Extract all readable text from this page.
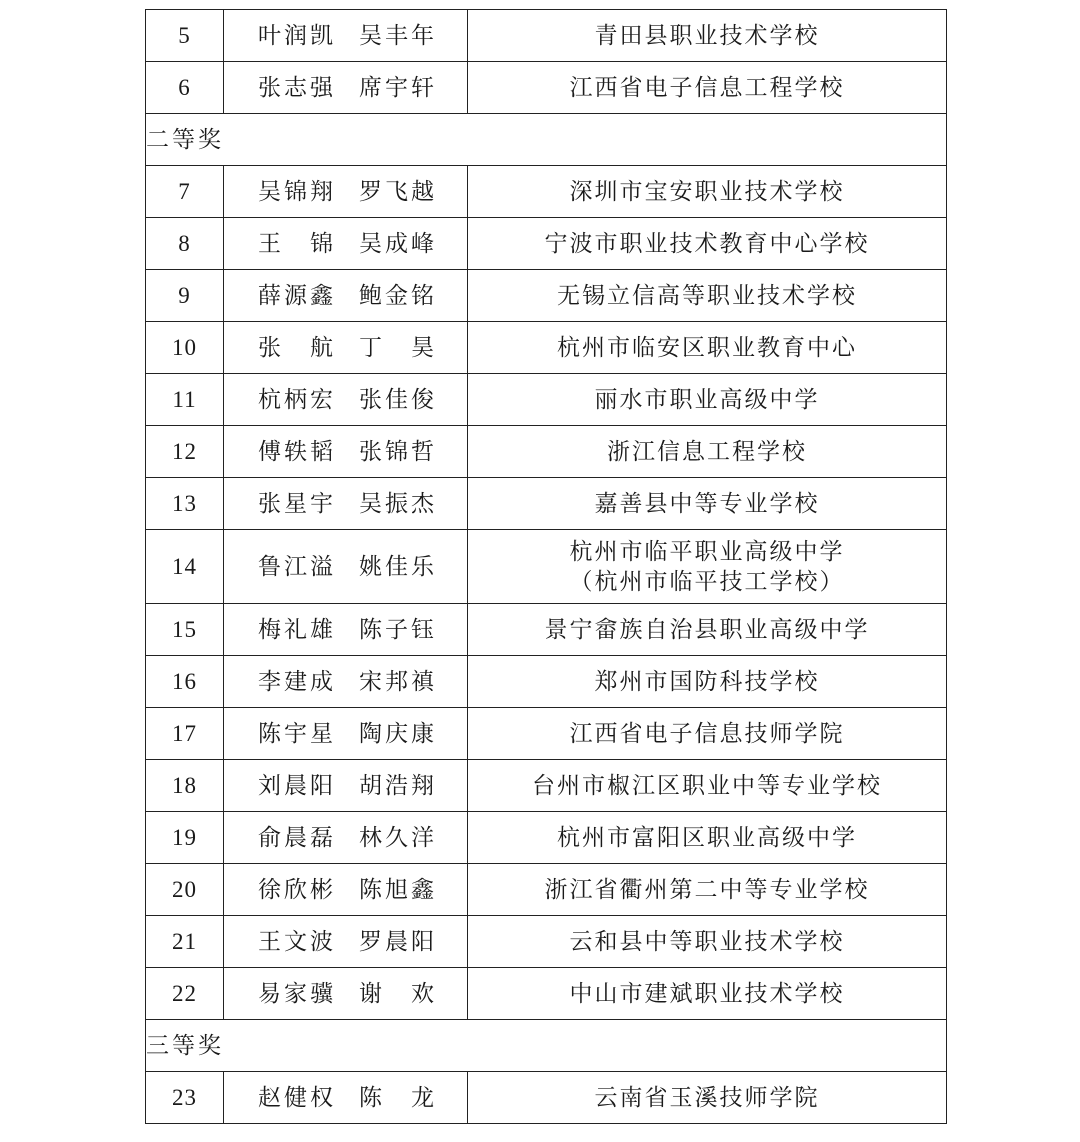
5	叶润凯 吴丰年	青田县职业技术学校

6	张志强 席宇轩	江西省电子信息工程学校

二等奖		
7	吴锦翔 罗飞越	深圳市宝安职业技术学校

8	王　锦 吴成峰	宁波市职业技术教育中心学校

9	薛源鑫 鲍金铭	无锡立信高等职业技术学校

10	张　航 丁　昊	杭州市临安区职业教育中心

11	杭柄宏 张佳俊	丽水市职业高级中学

12	傅轶韬 张锦哲	浙江信息工程学校

13	张星宇 吴振杰	嘉善县中等专业学校

14	鲁江溢 姚佳乐	杭州市临平职业高级中学
（杭州市临平技工学校）

15	梅礼雄 陈子钰	景宁畲族自治县职业高级中学

16	李建成 宋邦禛	郑州市国防科技学校

17	陈宇星 陶庆康	江西省电子信息技师学院

18	刘晨阳 胡浩翔	台州市椒江区职业中等专业学校

19	俞晨磊 林久洋	杭州市富阳区职业高级中学

20	徐欣彬 陈旭鑫	浙江省衢州第二中等专业学校

21	王文波 罗晨阳	云和县中等职业技术学校

22	易家骥 谢　欢	中山市建斌职业技术学校

三等奖		
23	赵健权 陈　龙	云南省玉溪技师学院
